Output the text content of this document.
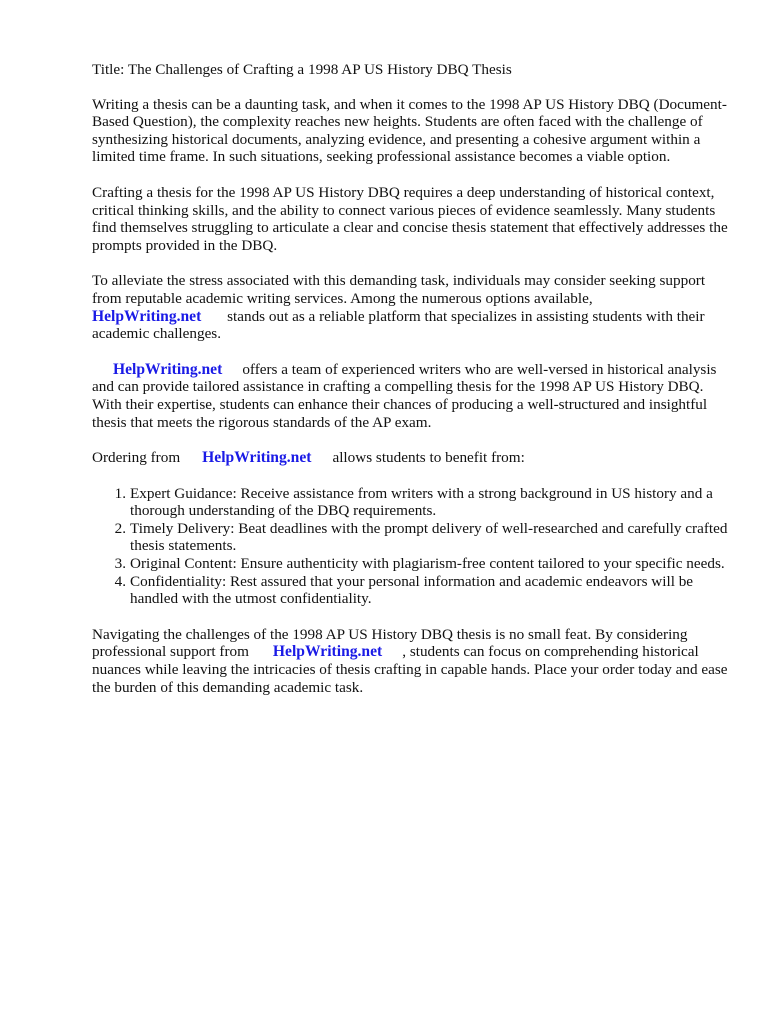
Title: The Challenges of Crafting a 1998 AP US History DBQ Thesis

Writing a thesis can be a daunting task, and when it comes to the 1998 AP US History DBQ (Document-Based Question), the complexity reaches new heights. Students are often faced with the challenge of synthesizing historical documents, analyzing evidence, and presenting a cohesive argument within a limited time frame. In such situations, seeking professional assistance becomes a viable option.

Crafting a thesis for the 1998 AP US History DBQ requires a deep understanding of historical context, critical thinking skills, and the ability to connect various pieces of evidence seamlessly. Many students find themselves struggling to articulate a clear and concise thesis statement that effectively addresses the prompts provided in the DBQ.

To alleviate the stress associated with this demanding task, individuals may consider seeking support from reputable academic writing services. Among the numerous options available,
HelpWriting.net stands out as a reliable platform that specializes in assisting students with their academic challenges.

HelpWriting.net offers a team of experienced writers who are well-versed in historical analysis and can provide tailored assistance in crafting a compelling thesis for the 1998 AP US History DBQ. With their expertise, students can enhance their chances of producing a well-structured and insightful thesis that meets the rigorous standards of the AP exam.

Ordering from HelpWriting.net allows students to benefit from:

1. Expert Guidance: Receive assistance from writers with a strong background in US history and a thorough understanding of the DBQ requirements.
2. Timely Delivery: Beat deadlines with the prompt delivery of well-researched and carefully crafted thesis statements.
3. Original Content: Ensure authenticity with plagiarism-free content tailored to your specific needs.
4. Confidentiality: Rest assured that your personal information and academic endeavors will be handled with the utmost confidentiality.

Navigating the challenges of the 1998 AP US History DBQ thesis is no small feat. By considering professional support from HelpWriting.net , students can focus on comprehending historical nuances while leaving the intricacies of thesis crafting in capable hands. Place your order today and ease the burden of this demanding academic task.
